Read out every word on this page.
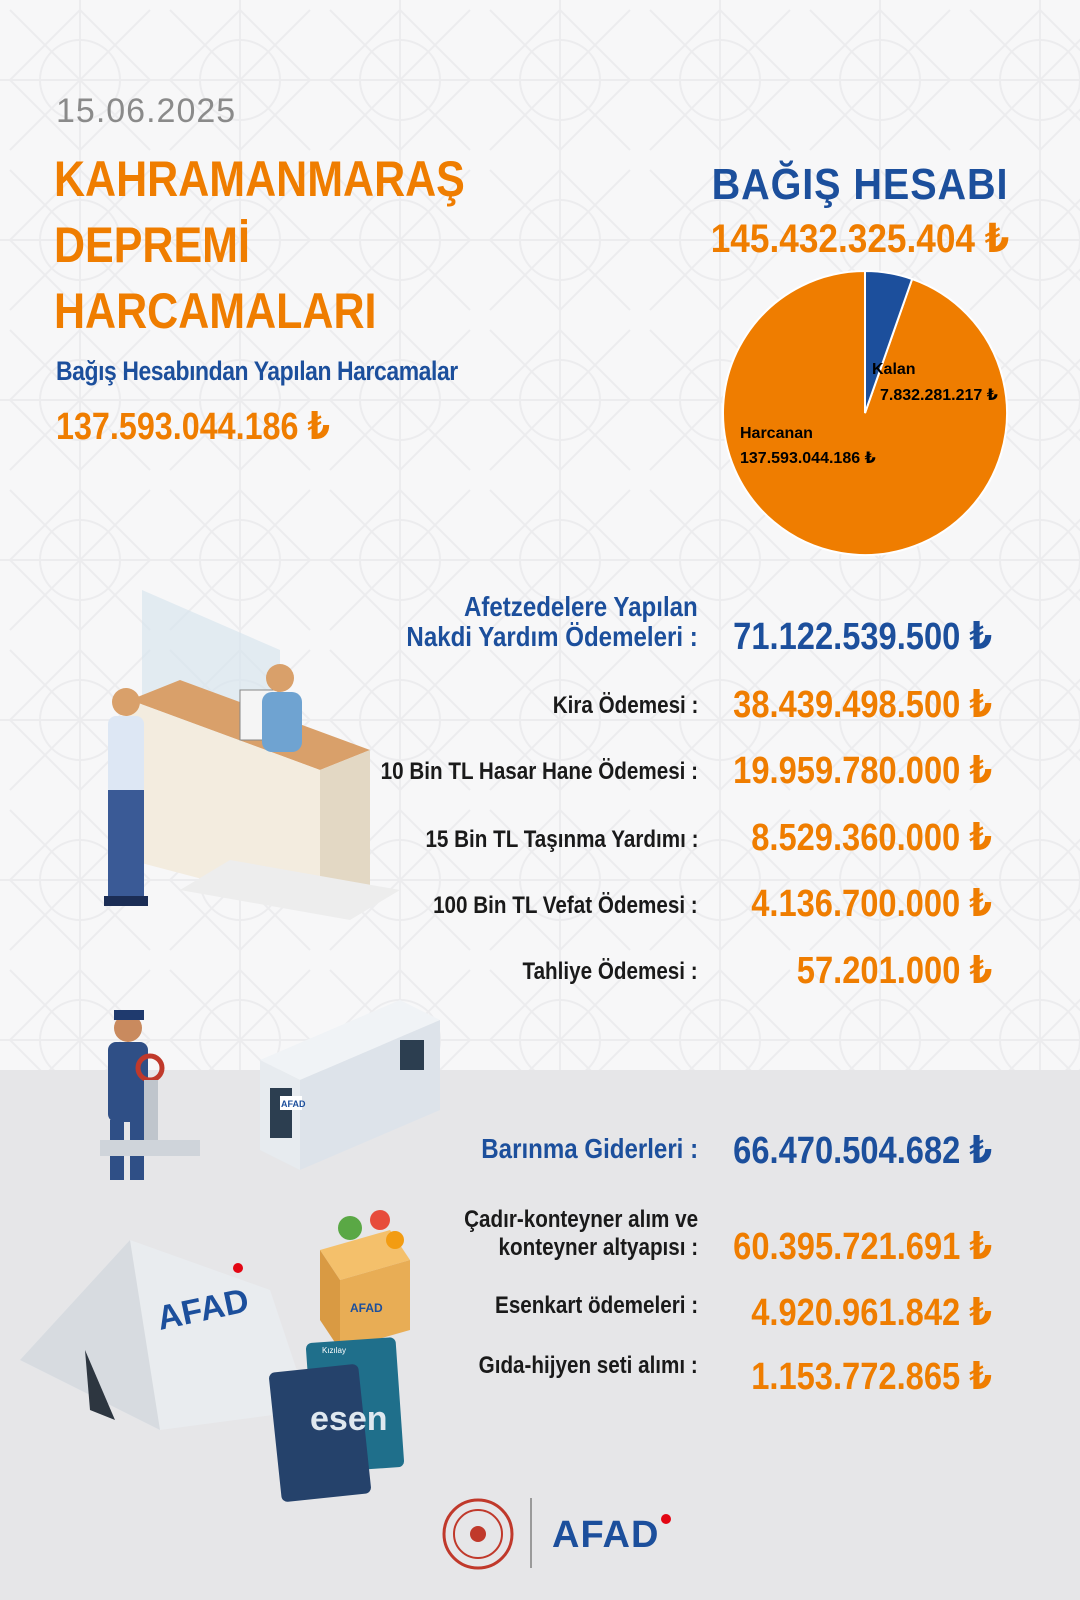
15.06.2025
KAHRAMANMARAŞ DEPREMİ
HARCAMALARI
Bağış Hesabından Yapılan Harcamalar
137.593.044.186 ₺
BAĞIŞ HESABI
145.432.325.404 ₺
Kalan
7.832.281.217 ₺
Harcanan
137.593.044.186 ₺
Afetzedelere Yapılan
Nakdi Yardım Ödemeleri : 71.122.539.500 ₺
Kira Ödemesi : 38.439.498.500 ₺
10 Bin TL Hasar Hane Ödemesi : 19.959.780.000 ₺
15 Bin TL Taşınma Yardımı : 8.529.360.000 ₺
100 Bin TL Vefat Ödemesi : 4.136.700.000 ₺
Tahliye Ödemesi :	57.201.000 ₺
AFAD
AFAD	AFAD
esen
Kızılay
Barınma Giderleri : 66.470.504.682 ₺
Çadır-konteyner alım ve
konteyner altyapısı : 60.395.721.691 ₺
Esenkart ödemeleri : 4.920.961.842 ₺
Gıda-hijyen seti alımı : 1.153.772.865 ₺
AFAD
